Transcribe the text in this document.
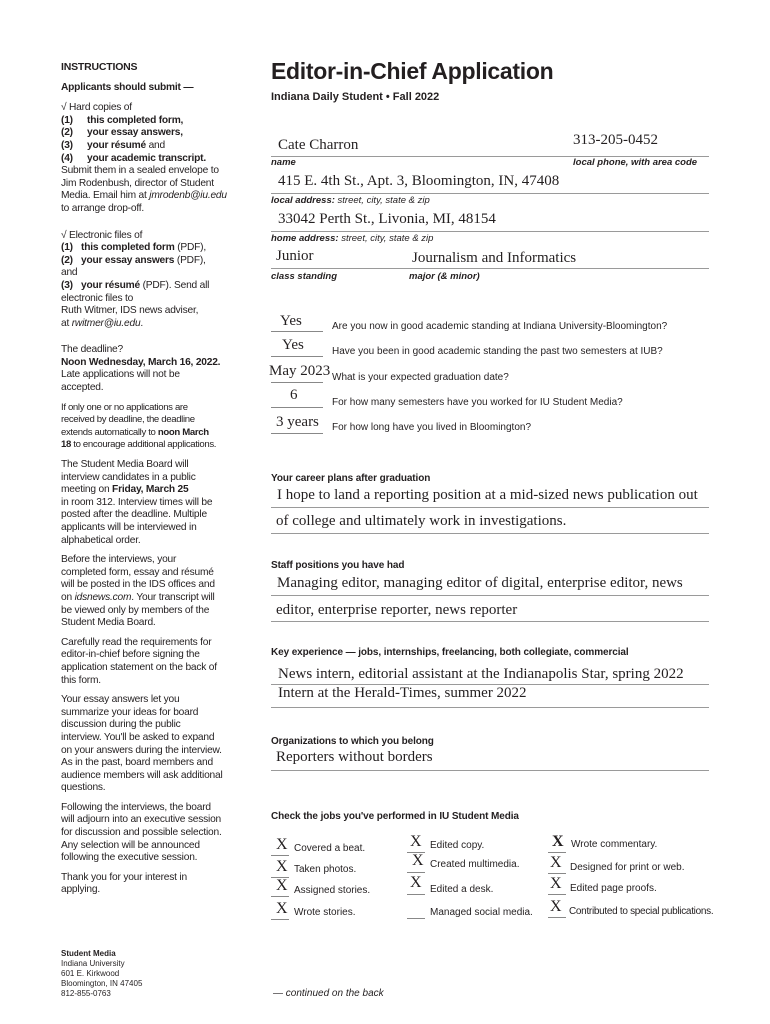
INSTRUCTIONS
Applicants should submit —
√ Hard copies of
(1) this completed form,
(2) your essay answers,
(3) your résumé and
(4) your academic transcript.
Submit them in a sealed envelope to
Jim Rodenbush, director of Student
Media. Email him at jmrodenb@iu.edu
to arrange drop-off.
√ Electronic files of
(1) this completed form (PDF),
(2) your essay answers (PDF),
and
(3) your résumé (PDF). Send all
electronic files to
Ruth Witmer, IDS news adviser,
at rwitmer@iu.edu.
The deadline?
Noon Wednesday, March 16, 2022.
Late applications will not be
accepted.
If only one or no applications are
received by deadline, the deadline
extends automatically to noon March
18 to encourage additional applications.
The Student Media Board will
interview candidates in a public
meeting on Friday, March 25
in room 312. Interview times will be
posted after the deadline. Multiple
applicants will be interviewed in
alphabetical order.
Before the interviews, your
completed form, essay and résumé
will be posted in the IDS offices and
on idsnews.com. Your transcript will
be viewed only by members of the
Student Media Board.
Carefully read the requirements for
editor-in-chief before signing the
application statement on the back of
this form.
Your essay answers let you
summarize your ideas for board
discussion during the public
interview. You'll be asked to expand
on your answers during the interview.
As in the past, board members and
audience members will ask additional
questions.
Following the interviews, the board
will adjourn into an executive session
for discussion and possible selection.
Any selection will be announced
following the executive session.
Thank you for your interest in
applying.
Student Media
Indiana University
601 E. Kirkwood
Bloomington, IN 47405
812-855-0763	— continued on the back
Editor-in-Chief Application
Indiana Daily Student • Fall 2022
Cate Charron	313-205-0452
name	local phone, with area code
415 E. 4th St., Apt. 3, Bloomington, IN, 47408
local address: street, city, state & zip
33042 Perth St., Livonia, MI, 48154
home address: street, city, state & zip
Junior	Journalism and Informatics
class standing	major (& minor)
Yes	Are you now in good academic standing at Indiana University-Bloomington?
Yes	Have you been in good academic standing the past two semesters at IUB?
May 2023 What is your expected graduation date?
6	For how many semesters have you worked for IU Student Media?
3 years For how long have you lived in Bloomington?
Your career plans after graduation
I hope to land a reporting position at a mid-sized news publication out
of college and ultimately work in investigations.
Staff positions you have had
Managing editor, managing editor of digital, enterprise editor, news
editor, enterprise reporter, news reporter
Key experience — jobs, internships, freelancing, both collegiate, commercial
News intern, editorial assistant at the Indianapolis Star, spring 2022
Intern at the Herald-Times, summer 2022
Organizations to which you belong
Reporters without borders
Check the jobs you've performed in IU Student Media
X Covered a beat.
X Taken photos.
X Assigned stories.
X Wrote stories.
X Edited copy.
X Created multimedia.
X Edited a desk.
Managed social media.
X Wrote commentary.
X Designed for print or web.
X Edited page proofs.
X Contributed to special publications.
